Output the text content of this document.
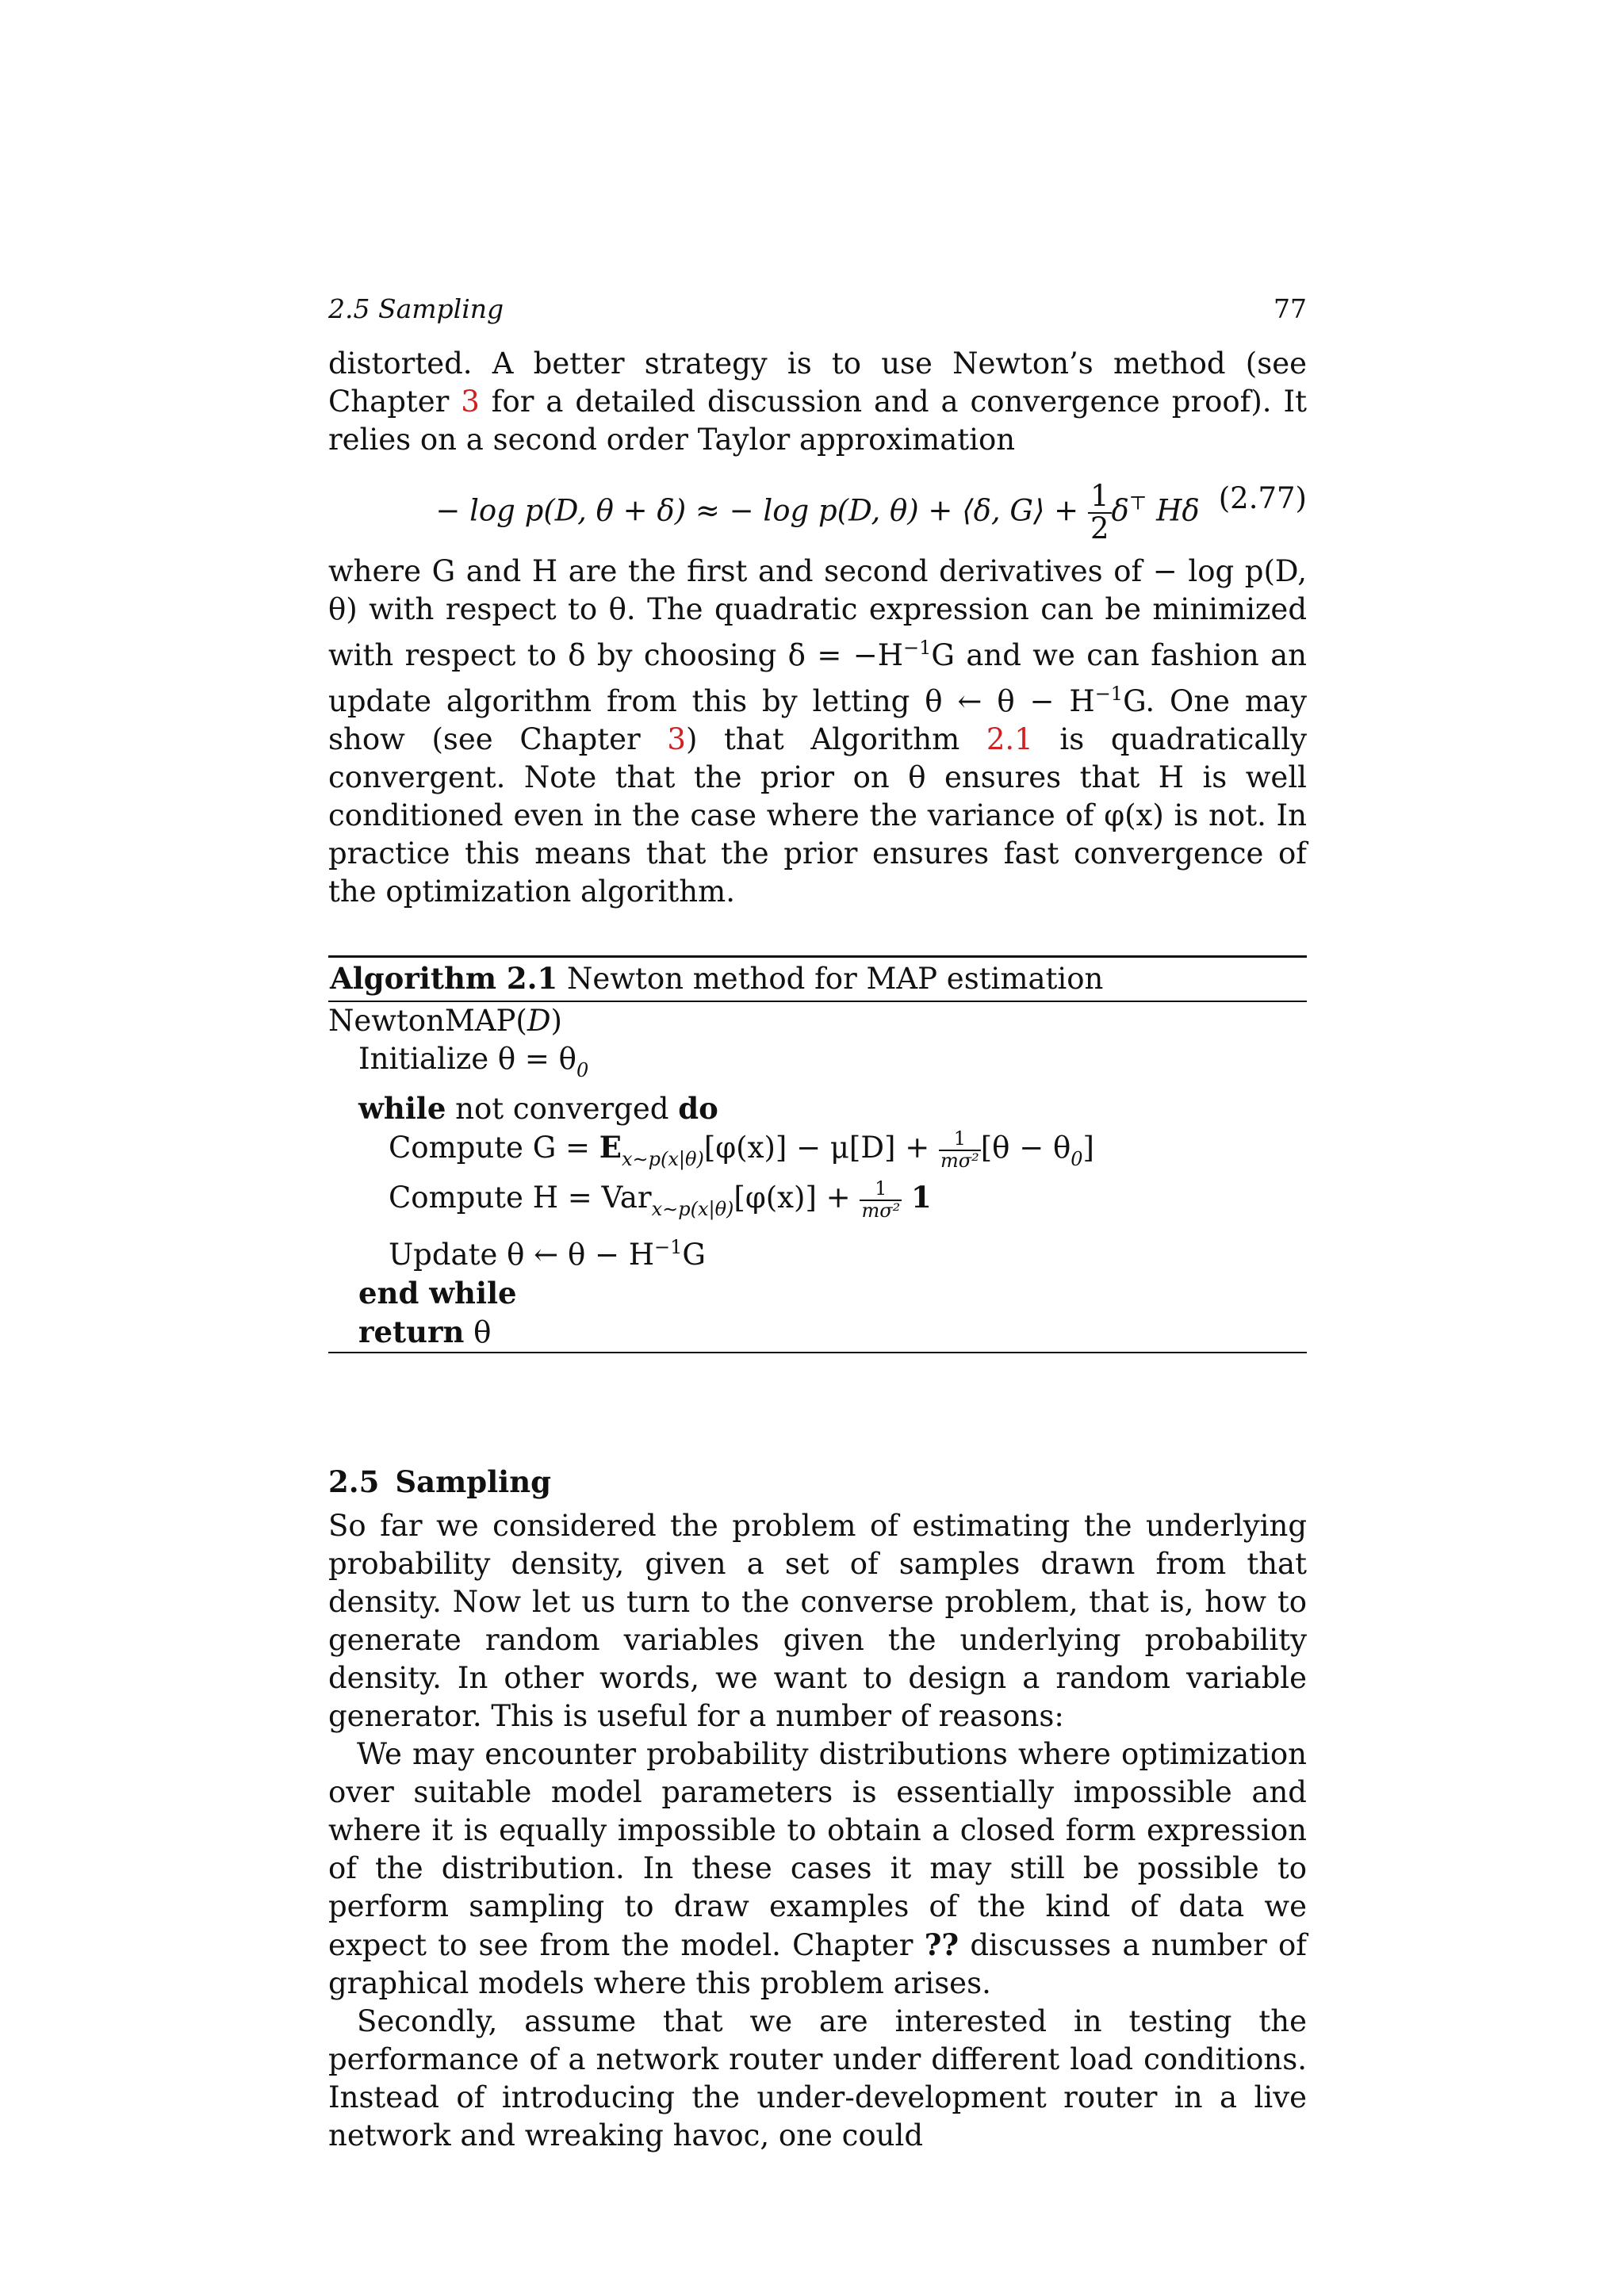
2.5 Sampling	77

distorted. A better strategy is to use Newton’s method (see Chapter 3 for a detailed discussion and a convergence proof). It relies on a second order Taylor approximation

− log p(D, θ + δ) ≈ − log p(D, θ) + ⟨δ, G⟩ + $\frac{1}{2} \delta^⊤$ Hδ (2.77)

where G and H are the first and second derivatives of − log p(D, θ) with respect to θ. The quadratic expression can be minimized with respect to δ by choosing $\delta = -H^{-1}G$ and we can fashion an update algorithm from this by letting θ ← $\theta - H^{-1}G$. One may show (see Chapter 3) that Algorithm 2.1 is quadratically convergent. Note that the prior on θ ensures that H is well conditioned even in the case where the variance of φ(x) is not. In practice this means that the prior ensures fast convergence of the optimization algorithm.

Algorithm 2.1 Newton method for MAP estimation
NewtonMAP(D)
Initialize $\theta = \theta_0$
while not converged do
Compute $G = E_{x\sim p(x|\theta)}[\varphi(x)] - \mu[D] + \frac{1}{\text{mσ²}} [\theta - \theta_0]$
Compute $H = Var_{x\sim p(x|\theta)}[\varphi(x)] + \frac{1}{\text{mσ²}} 1$
Update θ ← $\theta - H^{-1}G$
end while
return θ
2.5 Sampling

So far we considered the problem of estimating the underlying probability density, given a set of samples drawn from that density. Now let us turn to the converse problem, that is, how to generate random variables given the underlying probability density. In other words, we want to design a random variable generator. This is useful for a number of reasons:

We may encounter probability distributions where optimization over suitable model parameters is essentially impossible and where it is equally impossible to obtain a closed form expression of the distribution. In these cases it may still be possible to perform sampling to draw examples of the kind of data we expect to see from the model. Chapter ?? discusses a number of graphical models where this problem arises.

Secondly, assume that we are interested in testing the performance of a network router under different load conditions. Instead of introducing the under-development router in a live network and wreaking havoc, one could
